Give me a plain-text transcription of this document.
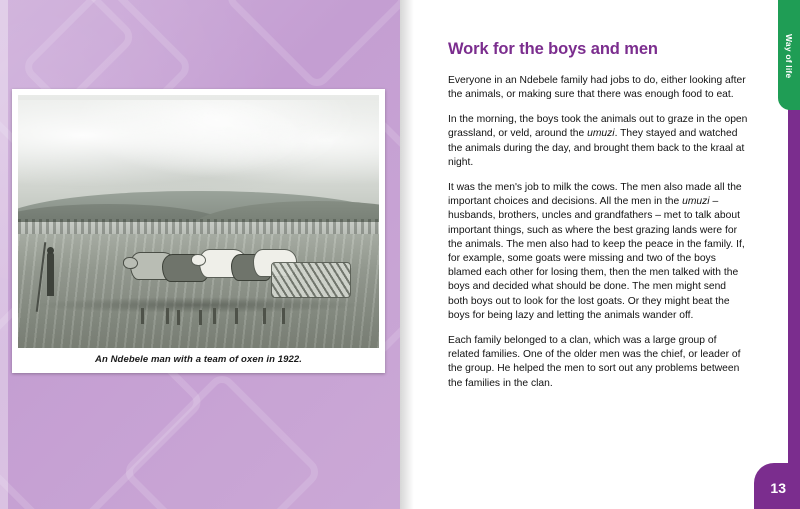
An Ndebele man with a team of oxen in 1922.
Way of life
Work for the boys and men

Everyone in an Ndebele family had jobs to do, either looking after the animals, or making sure that there was enough food to eat.

In the morning, the boys took the animals out to graze in the open grassland, or veld, around the umuzi. They stayed and watched the animals during the day, and brought them back to the kraal at night.

It was the men's job to milk the cows. The men also made all the important choices and decisions. All the men in the umuzi – husbands, brothers, uncles and grandfathers – met to talk about important things, such as where the best grazing lands were for the animals. The men also had to keep the peace in the family. If, for example, some goats were missing and two of the boys blamed each other for losing them, then the men talked with the boys and decided what should be done. The men might send both boys out to look for the lost goats. Or they might beat the boys for being lazy and letting the animals wander off.

Each family belonged to a clan, which was a large group of related families. One of the older men was the chief, or leader of the group. He helped the men to sort out any problems between the families in the clan.

13
